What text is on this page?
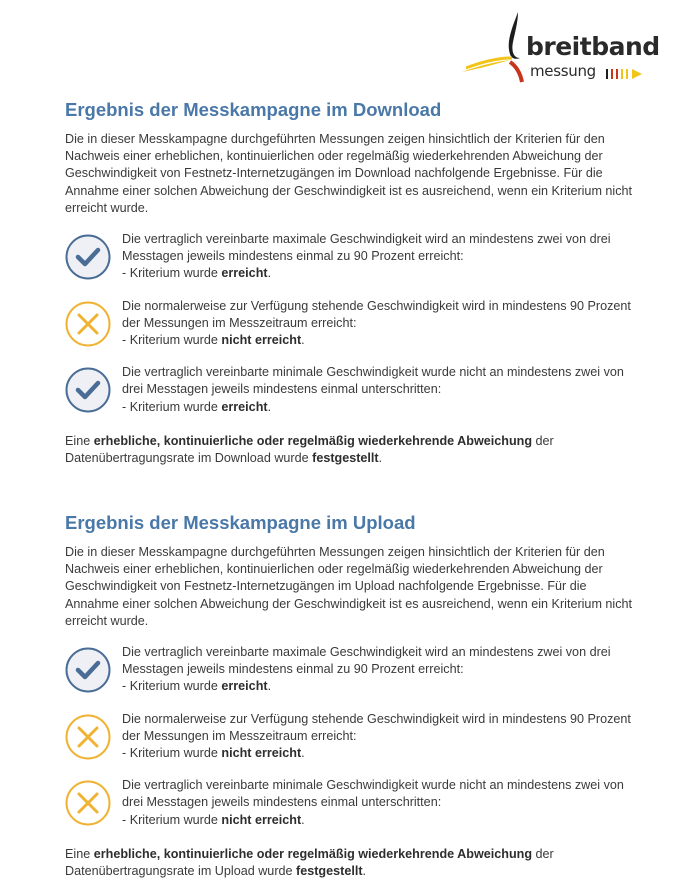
breitband
messung
Ergebnis der Messkampagne im Download

Die in dieser Messkampagne durchgeführten Messungen zeigen hinsichtlich der Kriterien für den Nachweis einer erheblichen, kontinuierlichen oder regelmäßig wiederkehrenden Abweichung der Geschwindigkeit von Festnetz-Internetzugängen im Download nachfolgende Ergebnisse. Für die Annahme einer solchen Abweichung der Geschwindigkeit ist es ausreichend, wenn ein Kriterium nicht erreicht wurde.

Die vertraglich vereinbarte maximale Geschwindigkeit wird an mindestens zwei von drei Messtagen jeweils mindestens einmal zu 90 Prozent erreicht:

- Kriterium wurde erreicht.

Die normalerweise zur Verfügung stehende Geschwindigkeit wird in mindestens 90 Prozent der Messungen im Messzeitraum erreicht:

- Kriterium wurde nicht erreicht.

Die vertraglich vereinbarte minimale Geschwindigkeit wurde nicht an mindestens zwei von drei Messtagen jeweils mindestens einmal unterschritten:

- Kriterium wurde erreicht.

Eine erhebliche, kontinuierliche oder regelmäßig wiederkehrende Abweichung der Datenübertragungsrate im Download wurde festgestellt.

Ergebnis der Messkampagne im Upload

Die in dieser Messkampagne durchgeführten Messungen zeigen hinsichtlich der Kriterien für den Nachweis einer erheblichen, kontinuierlichen oder regelmäßig wiederkehrenden Abweichung der Geschwindigkeit von Festnetz-Internetzugängen im Upload nachfolgende Ergebnisse. Für die Annahme einer solchen Abweichung der Geschwindigkeit ist es ausreichend, wenn ein Kriterium nicht erreicht wurde.

Die vertraglich vereinbarte maximale Geschwindigkeit wird an mindestens zwei von drei Messtagen jeweils mindestens einmal zu 90 Prozent erreicht:

- Kriterium wurde erreicht.

Die normalerweise zur Verfügung stehende Geschwindigkeit wird in mindestens 90 Prozent der Messungen im Messzeitraum erreicht:

- Kriterium wurde nicht erreicht.

Die vertraglich vereinbarte minimale Geschwindigkeit wurde nicht an mindestens zwei von drei Messtagen jeweils mindestens einmal unterschritten:

- Kriterium wurde nicht erreicht.

Eine erhebliche, kontinuierliche oder regelmäßig wiederkehrende Abweichung der Datenübertragungsrate im Upload wurde festgestellt.
